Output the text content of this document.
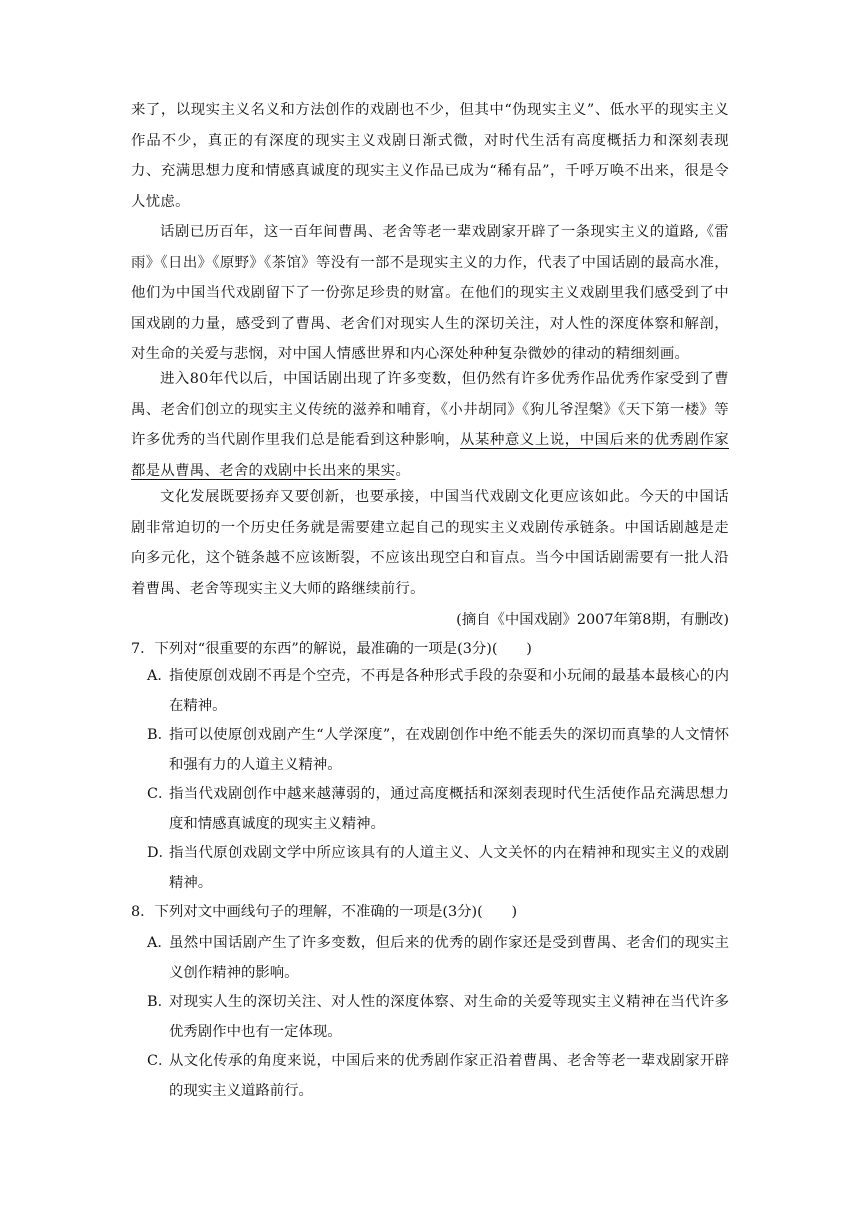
来了，以现实主义名义和方法创作的戏剧也不少，但其中“伪现实主义”、低水平的现实主义作品不少，真正的有深度的现实主义戏剧日渐式微，对时代生活有高度概括力和深刻表现力、充满思想力度和情感真诚度的现实主义作品已成为“稀有品”，千呼万唤不出来，很是令人忧虑。
话剧已历百年，这一百年间曹禺、老舍等老一辈戏剧家开辟了一条现实主义的道路,《雷雨》《日出》《原野》《茶馆》等没有一部不是现实主义的力作，代表了中国话剧的最高水准，他们为中国当代戏剧留下了一份弥足珍贵的财富。在他们的现实主义戏剧里我们感受到了中国戏剧的力量，感受到了曹禺、老舍们对现实人生的深切关注，对人性的深度体察和解剖，对生命的关爱与悲悯，对中国人情感世界和内心深处种种复杂微妙的律动的精细刻画。
进入80年代以后，中国话剧出现了许多变数，但仍然有许多优秀作品优秀作家受到了曹禺、老舍们创立的现实主义传统的滋养和哺育，《小井胡同》《狗儿爷涅槃》《天下第一楼》等许多优秀的当代剧作里我们总是能看到这种影响，从某种意义上说，中国后来的优秀剧作家都是从曹禺、老舍的戏剧中长出来的果实。
文化发展既要扬弃又要创新，也要承接，中国当代戏剧文化更应该如此。今天的中国话剧非常迫切的一个历史任务就是需要建立起自己的现实主义戏剧传承链条。中国话剧越是走向多元化，这个链条越不应该断裂，不应该出现空白和盲点。当今中国话剧需要有一批人沿着曹禺、老舍等现实主义大师的路继续前行。
(摘自《中国戏剧》2007年第8期，有删改)
7．下列对“很重要的东西”的解说，最准确的一项是(3分)(　　)
A．
指使原创戏剧不再是个空壳，不再是各种形式手段的杂耍和小玩闹的最基本最核心的内在精神。
B．
指可以使原创戏剧产生“人学深度”，在戏剧创作中绝不能丢失的深切而真挚的人文情怀和强有力的人道主义精神。
C．
指当代戏剧创作中越来越薄弱的，通过高度概括和深刻表现时代生活使作品充满思想力度和情感真诚度的现实主义精神。
D．
指当代原创戏剧文学中所应该具有的人道主义、人文关怀的内在精神和现实主义的戏剧精神。
8．下列对文中画线句子的理解，不准确的一项是(3分)(　　)
A．
虽然中国话剧产生了许多变数，但后来的优秀的剧作家还是受到曹禺、老舍们的现实主义创作精神的影响。
B．
对现实人生的深切关注、对人性的深度体察、对生命的关爱等现实主义精神在当代许多优秀剧作中也有一定体现。
C．
从文化传承的角度来说，中国后来的优秀剧作家正沿着曹禺、老舍等老一辈戏剧家开辟的现实主义道路前行。
